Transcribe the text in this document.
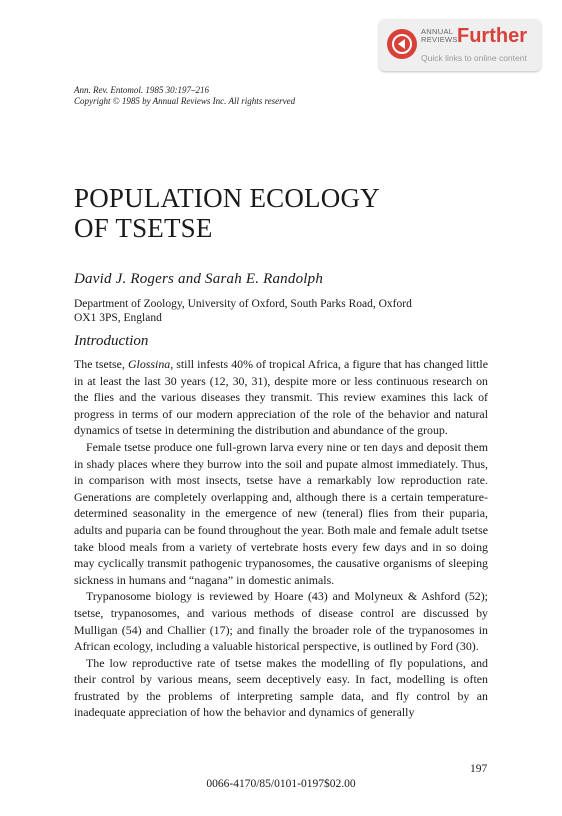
ANNUAL
REVIEWS Further
Quick links to online content
Ann. Rev. Entomol. 1985 30:197–216
Copyright © 1985 by Annual Reviews Inc. All rights reserved
POPULATION ECOLOGY
OF TSETSE
David J. Rogers and Sarah E. Randolph
Department of Zoology, University of Oxford, South Parks Road, Oxford
OX1 3PS, England
Introduction

The tsetse, Glossina, still infests 40% of tropical Africa, a figure that has changed little in at least the last 30 years (12, 30, 31), despite more or less continuous research on the flies and the various diseases they transmit. This review examines this lack of progress in terms of our modern appreciation of the role of the behavior and natural dynamics of tsetse in determining the distribution and abundance of the group.

Female tsetse produce one full-grown larva every nine or ten days and deposit them in shady places where they burrow into the soil and pupate almost immediately. Thus, in comparison with most insects, tsetse have a remarkably low reproduction rate. Generations are completely overlapping and, although there is a certain temperature-determined seasonality in the emergence of new (teneral) flies from their puparia, adults and puparia can be found throughout the year. Both male and female adult tsetse take blood meals from a variety of vertebrate hosts every few days and in so doing may cyclically transmit pathogenic trypanosomes, the causative organisms of sleeping sickness in humans and “nagana” in domestic animals.

Trypanosome biology is reviewed by Hoare (43) and Molyneux & Ashford (52); tsetse, trypanosomes, and various methods of disease control are discussed by Mulligan (54) and Challier (17); and finally the broader role of the trypanosomes in African ecology, including a valuable historical perspective, is outlined by Ford (30).

The low reproductive rate of tsetse makes the modelling of fly populations, and their control by various means, seem deceptively easy. In fact, modelling is often frustrated by the problems of interpreting sample data, and fly control by an inadequate appreciation of how the behavior and dynamics of generally

197
0066-4170/85/0101-0197$02.00
